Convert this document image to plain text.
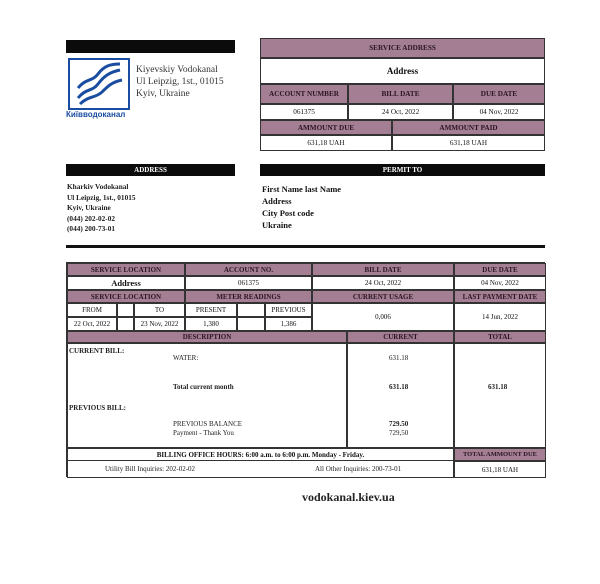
Київводоканал
Kiyevskiy Vodokanal
Ul Leipzig, 1st., 01015
Kyiv, Ukraine
SERVICE ADDRESS
Address
ACCOUNT NUMBER	BILL DATE	DUE DATE
061375	24 Oct, 2022	04 Nov, 2022
AMMOUNT DUE	AMMOUNT PAID
631,18 UAH	631,18 UAH
ADDRESS
Kharkiv Vodokanal
Ul Leipzig, 1st., 01015
Kyiv, Ukraine
(044) 202-02-02
(044) 200-73-01
PERMIT TO
First Name last Name
Address
City Post code
Ukraine
SERVICE LOCATION	ACCOUNT NO.	BILL DATE	DUE DATE
Address	061375	24 Oct, 2022	04 Nov, 2022
SERVICE LOCATION	METER READINGS	CURRENT USAGE	LAST PAYMENT DATE
FROM	TO	PRESENT	PREVIOUS
0,006	14 Jun, 2022
22 Oct, 2022	23 Nov, 2022	1,380	1,386
DESCRIPTION	CURRENT	TOTAL
CURRENT BILL:
WATER:	631.18
Total current month	631.18	631.18
PREVIOUS BILL:
PREVIOUS BALANCE	729.50
Payment - Thank You	729,50
BILLING OFFICE HOURS: 6:00 a.m. to 6:00 p.m. Monday - Friday.	TOTAL AMMOUNT DUE
Utility Bill Inquiries: 202-02-02	All Other Inquiries: 200-73-01	631,18 UAH
vodokanal.kiev.ua
